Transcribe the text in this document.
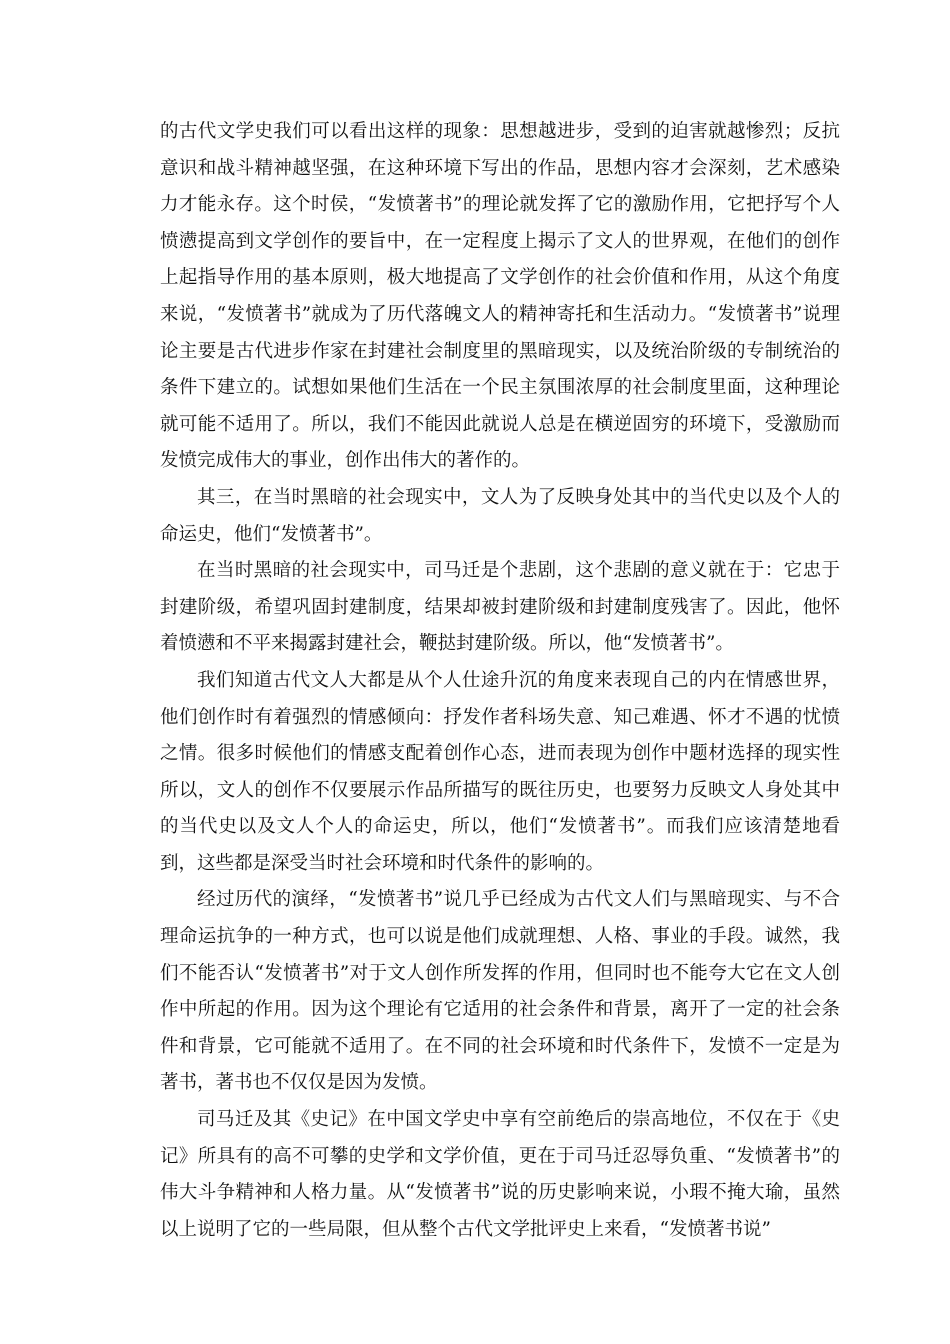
的古代文学史我们可以看出这样的现象：思想越进步，受到的迫害就越惨烈；反抗意识和战斗精神越坚强，在这种环境下写出的作品，思想内容才会深刻，艺术感染力才能永存。这个时侯，“发愤著书”的理论就发挥了它的激励作用，它把抒写个人愤懑提高到文学创作的要旨中，在一定程度上揭示了文人的世界观，在他们的创作上起指导作用的基本原则，极大地提高了文学创作的社会价值和作用，从这个角度来说，“发愤著书”就成为了历代落魄文人的精神寄托和生活动力。“发愤著书”说理论主要是古代进步作家在封建社会制度里的黑暗现实，以及统治阶级的专制统治的条件下建立的。试想如果他们生活在一个民主氛围浓厚的社会制度里面，这种理论就可能不适用了。所以，我们不能因此就说人总是在横逆固穷的环境下，受激励而发愤完成伟大的事业，创作出伟大的著作的。

其三，在当时黑暗的社会现实中，文人为了反映身处其中的当代史以及个人的命运史，他们“发愤著书”。

在当时黑暗的社会现实中，司马迁是个悲剧，这个悲剧的意义就在于：它忠于封建阶级，希望巩固封建制度，结果却被封建阶级和封建制度残害了。因此，他怀着愤懑和不平来揭露封建社会，鞭挞封建阶级。所以，他“发愤著书”。

我们知道古代文人大都是从个人仕途升沉的角度来表现自己的内在情感世界，他们创作时有着强烈的情感倾向：抒发作者科场失意、知己难遇、怀才不遇的忧愤之情。很多时候他们的情感支配着创作心态，进而表现为创作中题材选择的现实性所以，文人的创作不仅要展示作品所描写的既往历史，也要努力反映文人身处其中的当代史以及文人个人的命运史，所以，他们“发愤著书”。而我们应该清楚地看到，这些都是深受当时社会环境和时代条件的影响的。

经过历代的演绎，“发愤著书”说几乎已经成为古代文人们与黑暗现实、与不合理命运抗争的一种方式，也可以说是他们成就理想、人格、事业的手段。诚然，我们不能否认“发愤著书”对于文人创作所发挥的作用，但同时也不能夸大它在文人创作中所起的作用。因为这个理论有它适用的社会条件和背景，离开了一定的社会条件和背景，它可能就不适用了。在不同的社会环境和时代条件下，发愤不一定是为著书，著书也不仅仅是因为发愤。

司马迁及其《史记》在中国文学史中享有空前绝后的崇高地位，不仅在于《史记》所具有的高不可攀的史学和文学价值，更在于司马迁忍辱负重、“发愤著书”的伟大斗争精神和人格力量。从“发愤著书”说的历史影响来说，小瑕不掩大瑜，虽然以上说明了它的一些局限，但从整个古代文学批评史上来看，“发愤著书说”
